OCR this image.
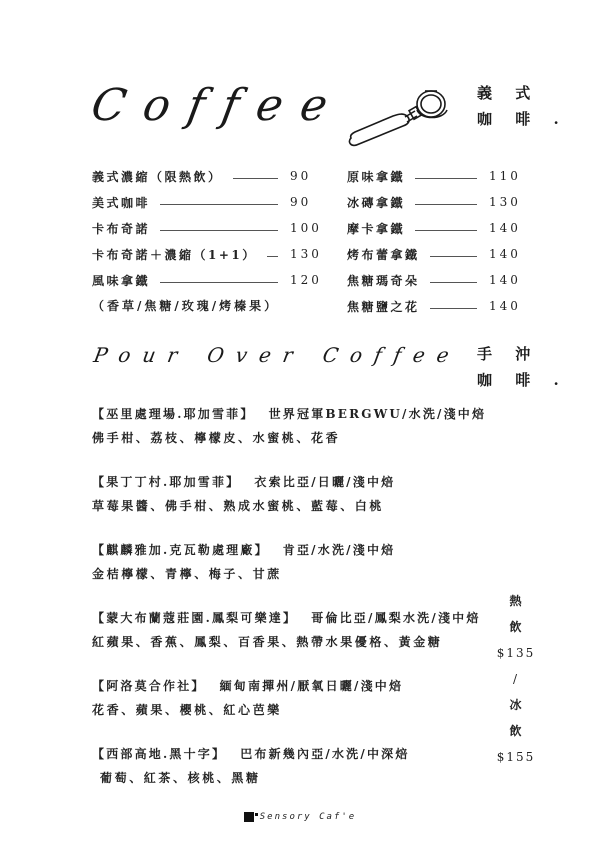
Coffee	義 式
咖 啡 .
義式濃縮（限熱飲）	90
美式咖啡	90
卡布奇諾	100
卡布奇諾＋濃縮（1+1）	130
風味拿鐵	120
（香草/焦糖/玫瑰/烤榛果）
原味拿鐵	110
冰磚拿鐵	130
摩卡拿鐵	140
烤布蕾拿鐵	140
焦糖瑪奇朵	140
焦糖鹽之花	140
Pour Over Coffee 手 沖
咖 啡 .
【巫里處理場.耶加雪菲】 世界冠軍BERGWU/水洗/淺中焙
佛手柑、荔枝、檸檬皮、水蜜桃、花香
【果丁丁村.耶加雪菲】 衣索比亞/日曬/淺中焙
草莓果醬、佛手柑、熟成水蜜桃、藍莓、白桃
【麒麟雅加.克瓦勒處理廠】 肯亞/水洗/淺中焙
金桔檸檬、青檸、梅子、甘蔗
【蒙大布蘭蔻莊園.鳳梨可樂達】 哥倫比亞/鳳梨水洗/淺中焙
紅蘋果、香蕉、鳳梨、百香果、熱帶水果優格、黃金糖
【阿洛莫合作社】 緬甸南撣州/厭氧日曬/淺中焙
花香、蘋果、櫻桃、紅心芭樂
【西部高地.黑十字】 巴布新幾內亞/水洗/中深焙
葡萄、紅茶、核桃、黑糖
熱
飲
$135
/
冰
飲
$155
Sensory Caf'e
